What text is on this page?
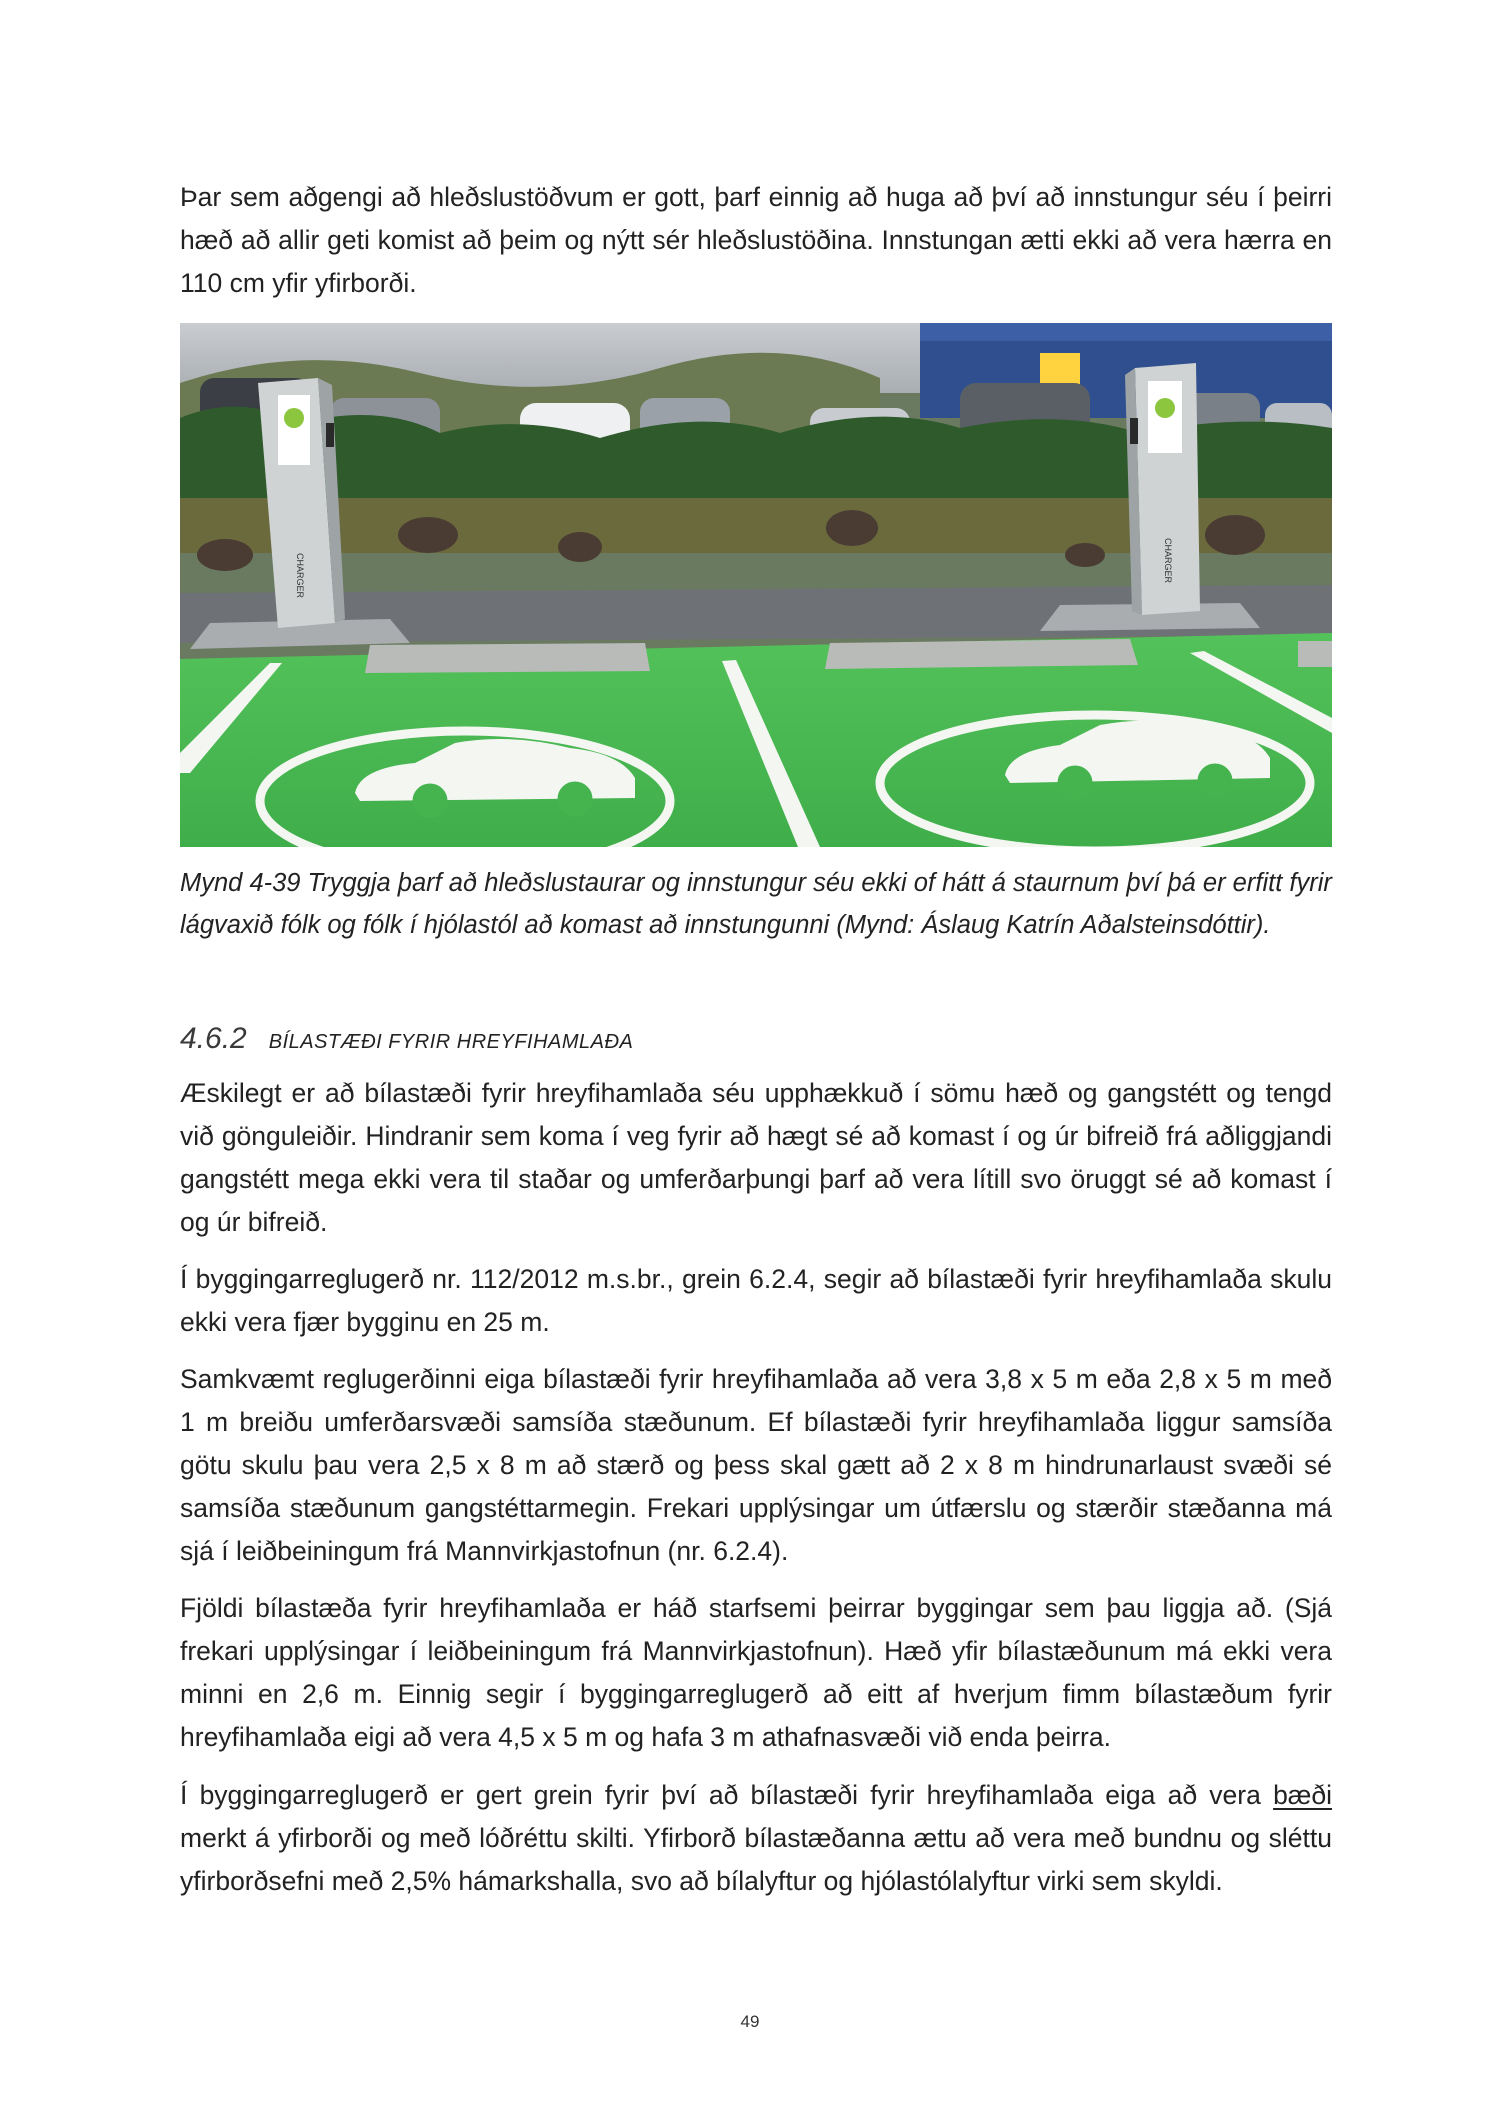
Þar sem aðgengi að hleðslustöðvum er gott, þarf einnig að huga að því að innstungur séu í þeirri hæð að allir geti komist að þeim og nýtt sér hleðslustöðina. Innstungan ætti ekki að vera hærra en 110 cm yfir yfirborði.

CHARGER	CHARGER

Mynd 4-39 Tryggja þarf að hleðslustaurar og innstungur séu ekki of hátt á staurnum því þá er erfitt fyrir lágvaxið fólk og fólk í hjólastól að komast að innstungunni (Mynd: Áslaug Katrín Aðalsteinsdóttir).

4.6.2 BÍLASTÆÐI FYRIR HREYFIHAMLAÐA

Æskilegt er að bílastæði fyrir hreyfihamlaða séu upphækkuð í sömu hæð og gangstétt og tengd við gönguleiðir. Hindranir sem koma í veg fyrir að hægt sé að komast í og úr bifreið frá aðliggjandi gangstétt mega ekki vera til staðar og umferðarþungi þarf að vera lítill svo öruggt sé að komast í og úr bifreið.

Í byggingarreglugerð nr. 112/2012 m.s.br., grein 6.2.4, segir að bílastæði fyrir hreyfihamlaða skulu ekki vera fjær bygginu en 25 m.

Samkvæmt reglugerðinni eiga bílastæði fyrir hreyfihamlaða að vera 3,8 x 5 m eða 2,8 x 5 m með 1 m breiðu umferðarsvæði samsíða stæðunum. Ef bílastæði fyrir hreyfihamlaða liggur samsíða götu skulu þau vera 2,5 x 8 m að stærð og þess skal gætt að 2 x 8 m hindrunarlaust svæði sé samsíða stæðunum gangstéttarmegin. Frekari upplýsingar um útfærslu og stærðir stæðanna má sjá í leiðbeiningum frá Mannvirkjastofnun (nr. 6.2.4).

Fjöldi bílastæða fyrir hreyfihamlaða er háð starfsemi þeirrar byggingar sem þau liggja að. (Sjá frekari upplýsingar í leiðbeiningum frá Mannvirkjastofnun). Hæð yfir bílastæðunum má ekki vera minni en 2,6 m. Einnig segir í byggingarreglugerð að eitt af hverjum fimm bílastæðum fyrir hreyfihamlaða eigi að vera 4,5 x 5 m og hafa 3 m athafnasvæði við enda þeirra.

Í byggingarreglugerð er gert grein fyrir því að bílastæði fyrir hreyfihamlaða eiga að vera bæði merkt á yfirborði og með lóðréttu skilti. Yfirborð bílastæðanna ættu að vera með bundnu og sléttu yfirborðsefni með 2,5% hámarkshalla, svo að bílalyftur og hjólastólalyftur virki sem skyldi.

49
